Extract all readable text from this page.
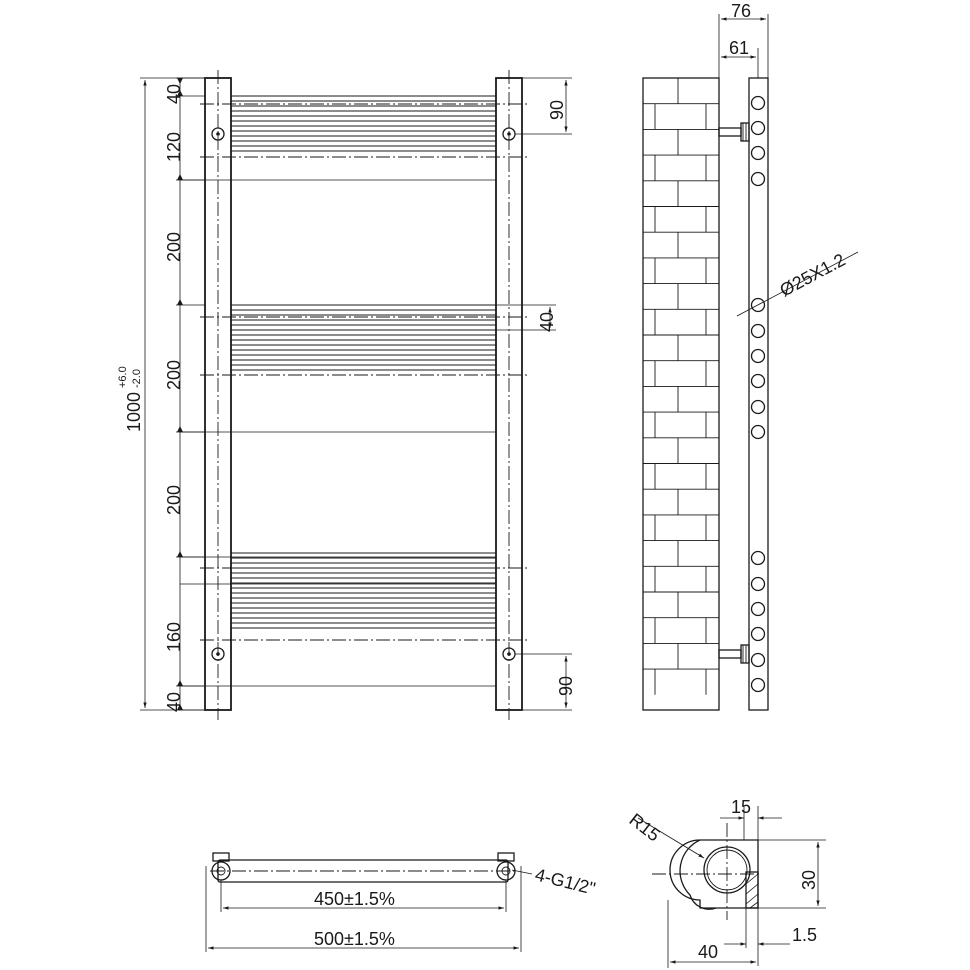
1000
+6.0 -2.0
40
120
200
200
200
160
40
90
40
90
76
61
Ø25X1.2
4-G1/2"
450±1.5%
500±1.5%
R15
15
30
1.5
40
